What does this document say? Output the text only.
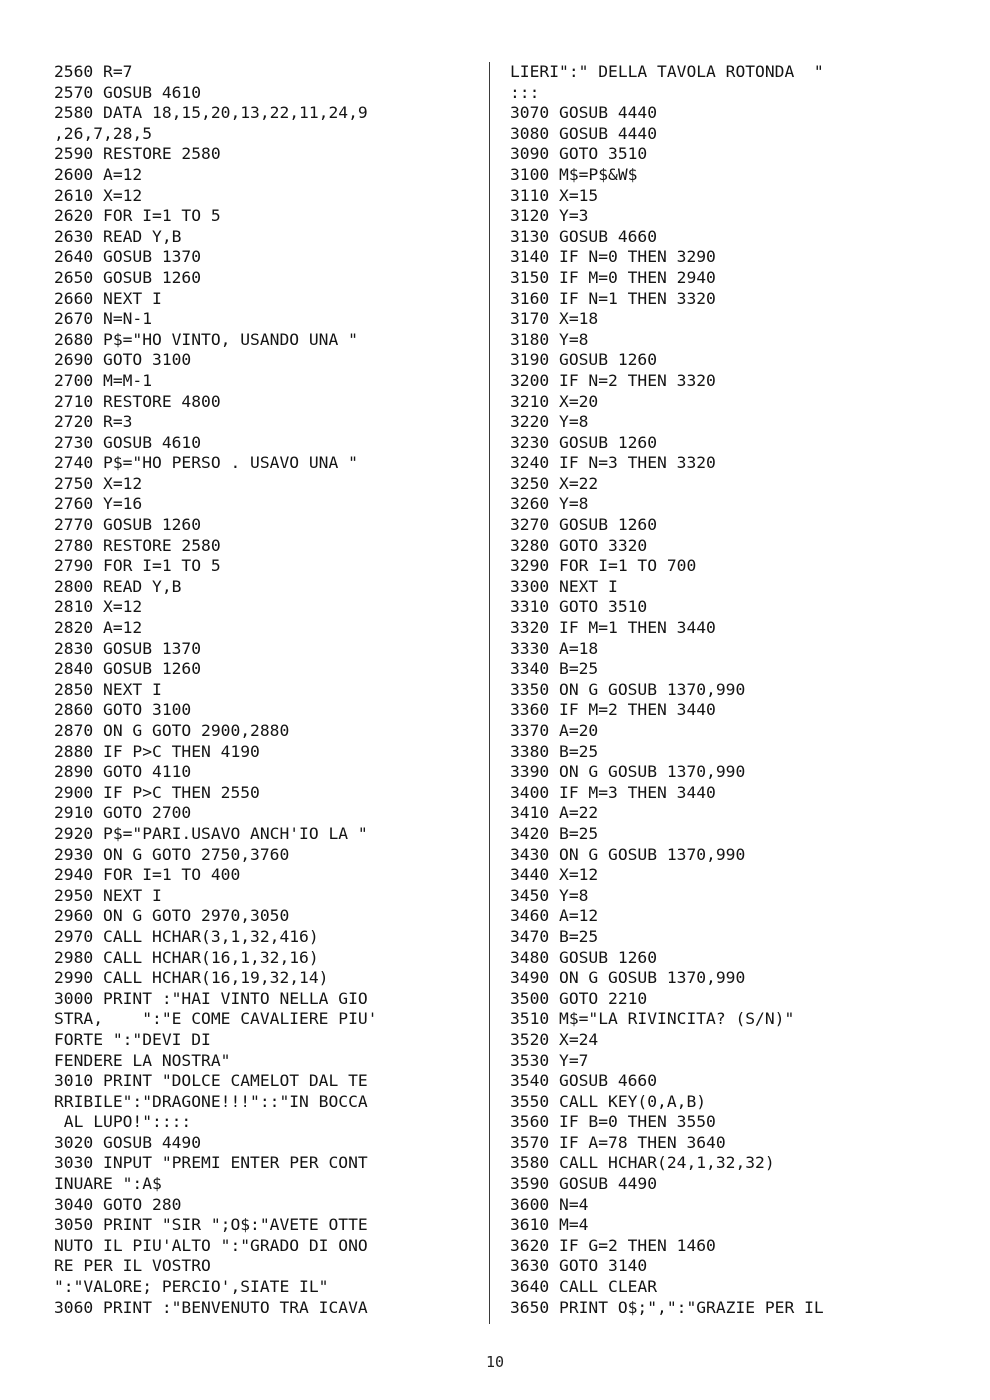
2560 R=7
2570 GOSUB 4610
2580 DATA 18,15,20,13,22,11,24,9
,26,7,28,5
2590 RESTORE 2580
2600 A=12
2610 X=12
2620 FOR I=1 TO 5
2630 READ Y,B
2640 GOSUB 1370
2650 GOSUB 1260
2660 NEXT I
2670 N=N-1
2680 P$="HO VINTO, USANDO UNA "
2690 GOTO 3100
2700 M=M-1
2710 RESTORE 4800
2720 R=3
2730 GOSUB 4610
2740 P$="HO PERSO . USAVO UNA "
2750 X=12
2760 Y=16
2770 GOSUB 1260
2780 RESTORE 2580
2790 FOR I=1 TO 5
2800 READ Y,B
2810 X=12
2820 A=12
2830 GOSUB 1370
2840 GOSUB 1260
2850 NEXT I
2860 GOTO 3100
2870 ON G GOTO 2900,2880
2880 IF P>C THEN 4190
2890 GOTO 4110
2900 IF P>C THEN 2550
2910 GOTO 2700
2920 P$="PARI.USAVO ANCH'IO LA "
2930 ON G GOTO 2750,3760
2940 FOR I=1 TO 400
2950 NEXT I
2960 ON G GOTO 2970,3050
2970 CALL HCHAR(3,1,32,416)
2980 CALL HCHAR(16,1,32,16)
2990 CALL HCHAR(16,19,32,14)
3000 PRINT :"HAI VINTO NELLA GIO
STRA,    ":"E COME CAVALIERE PIU'
FORTE ":"DEVI DI
FENDERE LA NOSTRA"
3010 PRINT "DOLCE CAMELOT DAL TE
RRIBILE":"DRAGONE!!!"::"IN BOCCA
AL LUPO!"::::
3020 GOSUB 4490
3030 INPUT "PREMI ENTER PER CONT
INUARE ":A$
3040 GOTO 280
3050 PRINT "SIR ";O$:"AVETE OTTE
NUTO IL PIU'ALTO ":"GRADO DI ONO
RE PER IL VOSTRO
":"VALORE; PERCIO',SIATE IL"
3060 PRINT :"BENVENUTO TRA ICAVA
LIERI":" DELLA TAVOLA ROTONDA  "
:::
3070 GOSUB 4440
3080 GOSUB 4440
3090 GOTO 3510
3100 M$=P$&W$
3110 X=15
3120 Y=3
3130 GOSUB 4660
3140 IF N=0 THEN 3290
3150 IF M=0 THEN 2940
3160 IF N=1 THEN 3320
3170 X=18
3180 Y=8
3190 GOSUB 1260
3200 IF N=2 THEN 3320
3210 X=20
3220 Y=8
3230 GOSUB 1260
3240 IF N=3 THEN 3320
3250 X=22
3260 Y=8
3270 GOSUB 1260
3280 GOTO 3320
3290 FOR I=1 TO 700
3300 NEXT I
3310 GOTO 3510
3320 IF M=1 THEN 3440
3330 A=18
3340 B=25
3350 ON G GOSUB 1370,990
3360 IF M=2 THEN 3440
3370 A=20
3380 B=25
3390 ON G GOSUB 1370,990
3400 IF M=3 THEN 3440
3410 A=22
3420 B=25
3430 ON G GOSUB 1370,990
3440 X=12
3450 Y=8
3460 A=12
3470 B=25
3480 GOSUB 1260
3490 ON G GOSUB 1370,990
3500 GOTO 2210
3510 M$="LA RIVINCITA? (S/N)"
3520 X=24
3530 Y=7
3540 GOSUB 4660
3550 CALL KEY(0,A,B)
3560 IF B=0 THEN 3550
3570 IF A=78 THEN 3640
3580 CALL HCHAR(24,1,32,32)
3590 GOSUB 4490
3600 N=4
3610 M=4
3620 IF G=2 THEN 1460
3630 GOTO 3140
3640 CALL CLEAR
3650 PRINT O$;",":"GRAZIE PER IL
10
